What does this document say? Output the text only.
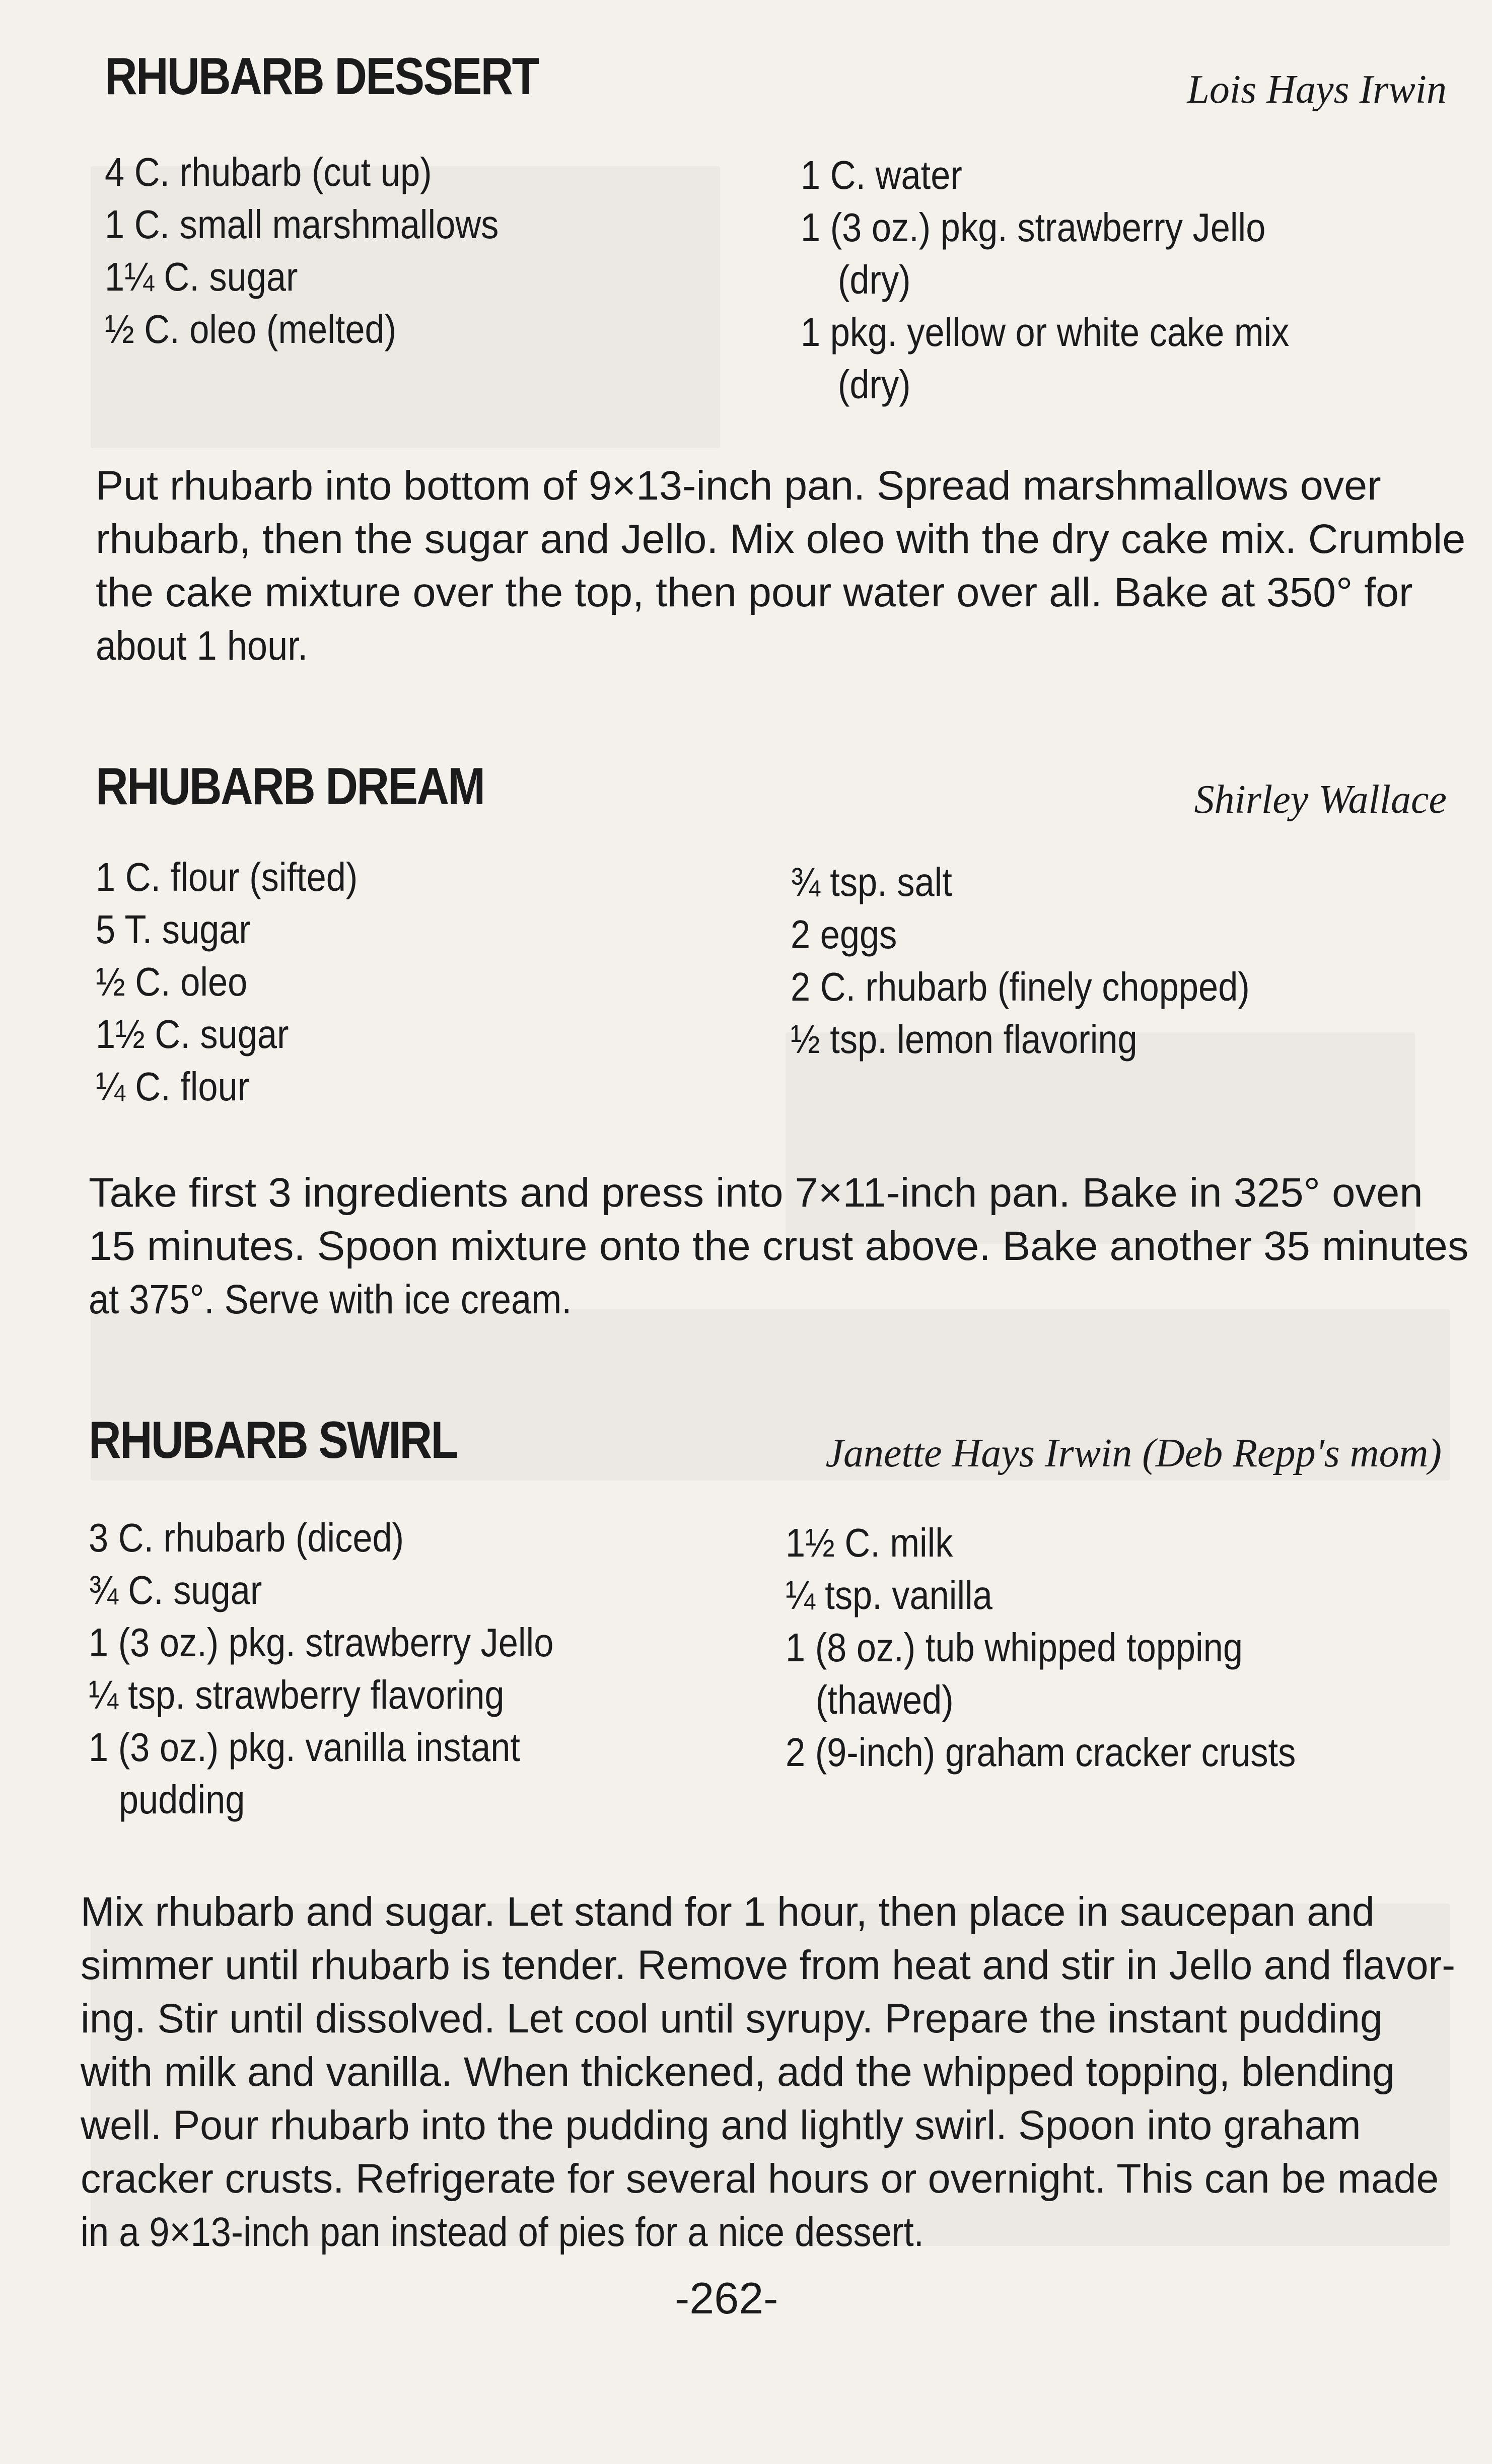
RHUBARB DESSERT	Lois Hays Irwin
4 C. rhubarb (cut up)
1 C. small marshmallows
1¼ C. sugar
½ C. oleo (melted)
1 C. water
1 (3 oz.) pkg. strawberry Jello
(dry)
1 pkg. yellow or white cake mix
(dry)
Put rhubarb into bottom of 9×13-inch pan. Spread marshmallows over
rhubarb, then the sugar and Jello. Mix oleo with the dry cake mix. Crumble
the cake mixture over the top, then pour water over all. Bake at 350° for
about 1 hour.
RHUBARB DREAM	Shirley Wallace
1 C. flour (sifted)
5 T. sugar
½ C. oleo
1½ C. sugar
¼ C. flour
¾ tsp. salt
2 eggs
2 C. rhubarb (finely chopped)
½ tsp. lemon flavoring
Take first 3 ingredients and press into 7×11-inch pan. Bake in 325° oven
15 minutes. Spoon mixture onto the crust above. Bake another 35 minutes
at 375°. Serve with ice cream.
RHUBARB SWIRL	Janette Hays Irwin (Deb Repp's mom)
3 C. rhubarb (diced)
¾ C. sugar
1 (3 oz.) pkg. strawberry Jello
¼ tsp. strawberry flavoring
1 (3 oz.) pkg. vanilla instant
pudding
1½ C. milk
¼ tsp. vanilla
1 (8 oz.) tub whipped topping
(thawed)
2 (9-inch) graham cracker crusts
Mix rhubarb and sugar. Let stand for 1 hour, then place in saucepan and
simmer until rhubarb is tender. Remove from heat and stir in Jello and flavor-
ing. Stir until dissolved. Let cool until syrupy. Prepare the instant pudding
with milk and vanilla. When thickened, add the whipped topping, blending
well. Pour rhubarb into the pudding and lightly swirl. Spoon into graham
cracker crusts. Refrigerate for several hours or overnight. This can be made
in a 9×13-inch pan instead of pies for a nice dessert.
-262-
